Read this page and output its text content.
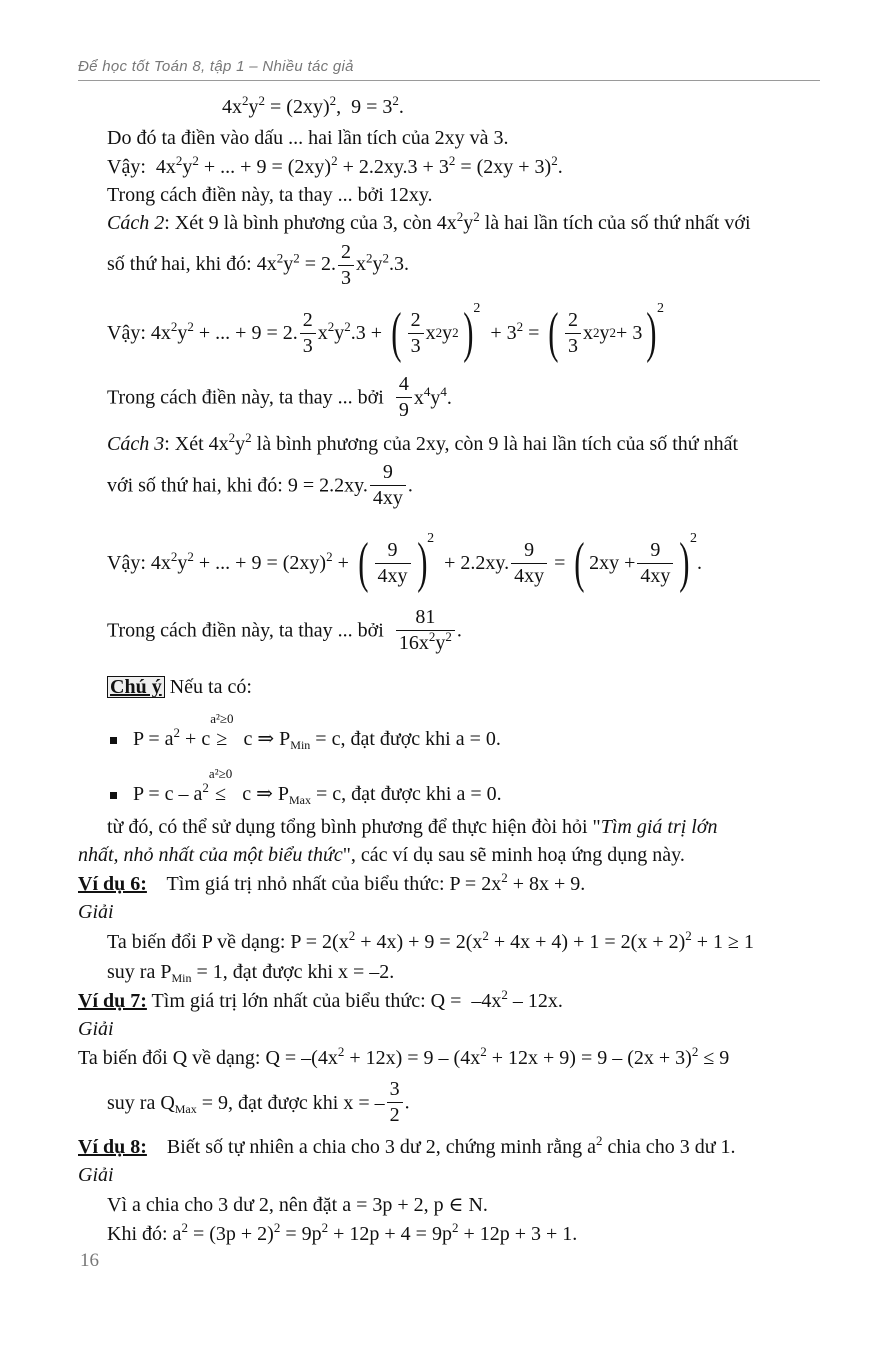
Để học tốt Toán 8, tập 1 – Nhiều tác giả
$4x^2y^2 = (2xy)^2$,  $9 = 3^2$.
Do đó ta điền vào dấu ... hai lần tích của 2xy và 3.
Vậy:  $4x^2y^2$ + ... + $9 = (2xy)^2 + 2.2xy.3 + 3^2 = (2xy + 3)^2$.
Trong cách điền này, ta thay ... bởi 12xy.
Cách 2: Xét 9 là bình phương của 3, còn $4x^2y^2$ là hai lần tích của số thứ nhất với
số thứ hai, khi đó: $4x^2y^2 = 2$. $\frac{2}{3} x^2y^2.3$.
Vậy: $4x^2y^2$ + ... + 9 = 2. $\frac{2}{3} x^2y^2.3$ + ( $\frac{2}{3}$ x 2 y 2 ) 2
+ $3^2$ = ( $\frac{2}{3}$ x 2 y 2 + 3 ) 2
Trong cách điền này, ta thay ... bởi $\frac{4}{9} x^4y^4$.
Cách 3: Xét $4x^2y^2$ là bình phương của 2xy, còn 9 là hai lần tích của số thứ nhất
với số thứ hai, khi đó: 9 = 2.2xy. $\frac{9}{4xy}$ .
Vậy: $4x^2y^2$ + ... + $9 = (2xy)^2$ + ( $\frac{9}{4xy}$ ) 2
+ 2.2xy. $\frac{9}{4xy}$ = ( $2xy + \frac{9}{4xy}$ ) 2
.
Trong cách điền này, ta thay ... bởi $\frac{81}{16x^2y^2}$ .
Chú ý Nếu ta có:
$P = a^2 + c$
a²≥0
≥ c ⇒ $P_{Min} = c$, đạt được khi a = 0.
$P = c - a^2$
a²≥0
≤ c ⇒ $P_{Max} = c$, đạt được khi a = 0.
từ đó, có thể sử dụng tổng bình phương để thực hiện đòi hỏi "Tìm giá trị lớn
nhất, nhỏ nhất của một biểu thức", các ví dụ sau sẽ minh hoạ ứng dụng này.
Ví dụ 6:    Tìm giá trị nhỏ nhất của biểu thức: $P = 2x^2 + 8x + 9$.
Giải
Ta biến đổi P về dạng: $P = 2(x^2 + 4x) + 9 = 2(x^2 + 4x + 4) + 1 = 2(x + 2)^2 + 1 \ge 1$
suy ra $P_{Min} = 1$, đạt được khi x = –2.
Ví dụ 7: Tìm giá trị lớn nhất của biểu thức: $Q = -4x^2 - 12x$.
Giải
Ta biến đổi Q về dạng: $Q = -(4x^2 + 12x) = 9 - (4x^2 + 12x + 9) = 9 - (2x + 3)^2 \le 9$
suy ra $Q_{Max} = 9$, đạt được khi x = – $\frac{3}{2}$ .
Ví dụ 8:    Biết số tự nhiên a chia cho 3 dư 2, chứng minh rằng $a^2$ chia cho 3 dư 1.
Giải
Vì a chia cho 3 dư 2, nên đặt a = 3p + 2, p ∈ N.
Khi đó: $a^2 = (3p + 2)^2 = 9p^2 + 12p + 4 = 9p^2 + 12p + 3 + 1$.
16
